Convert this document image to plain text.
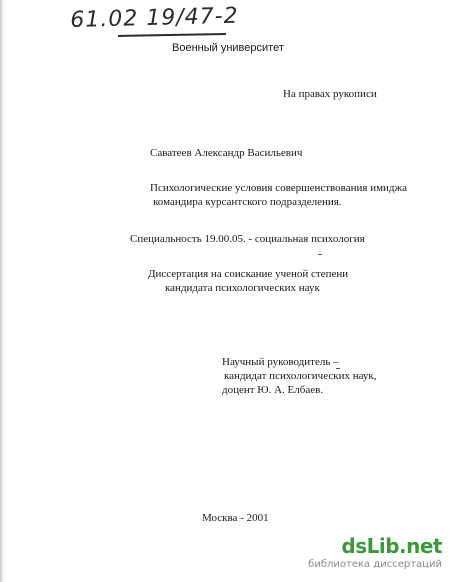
61.02 19/47-2
Военный университет
На правах рукописи
Саватеев Александр Васильевич
Психологические условия совершенствования имиджа
командира курсантского подразделения.
Специальность 19.00.05. - социальная психология
Диссертация на соискание ученой степени
кандидата психологических наук
Научный руководитель –
кандидат психологических наук,
доцент Ю. А. Елбаев.
Москва - 2001
dsLib.net
библиотека диссертаций
